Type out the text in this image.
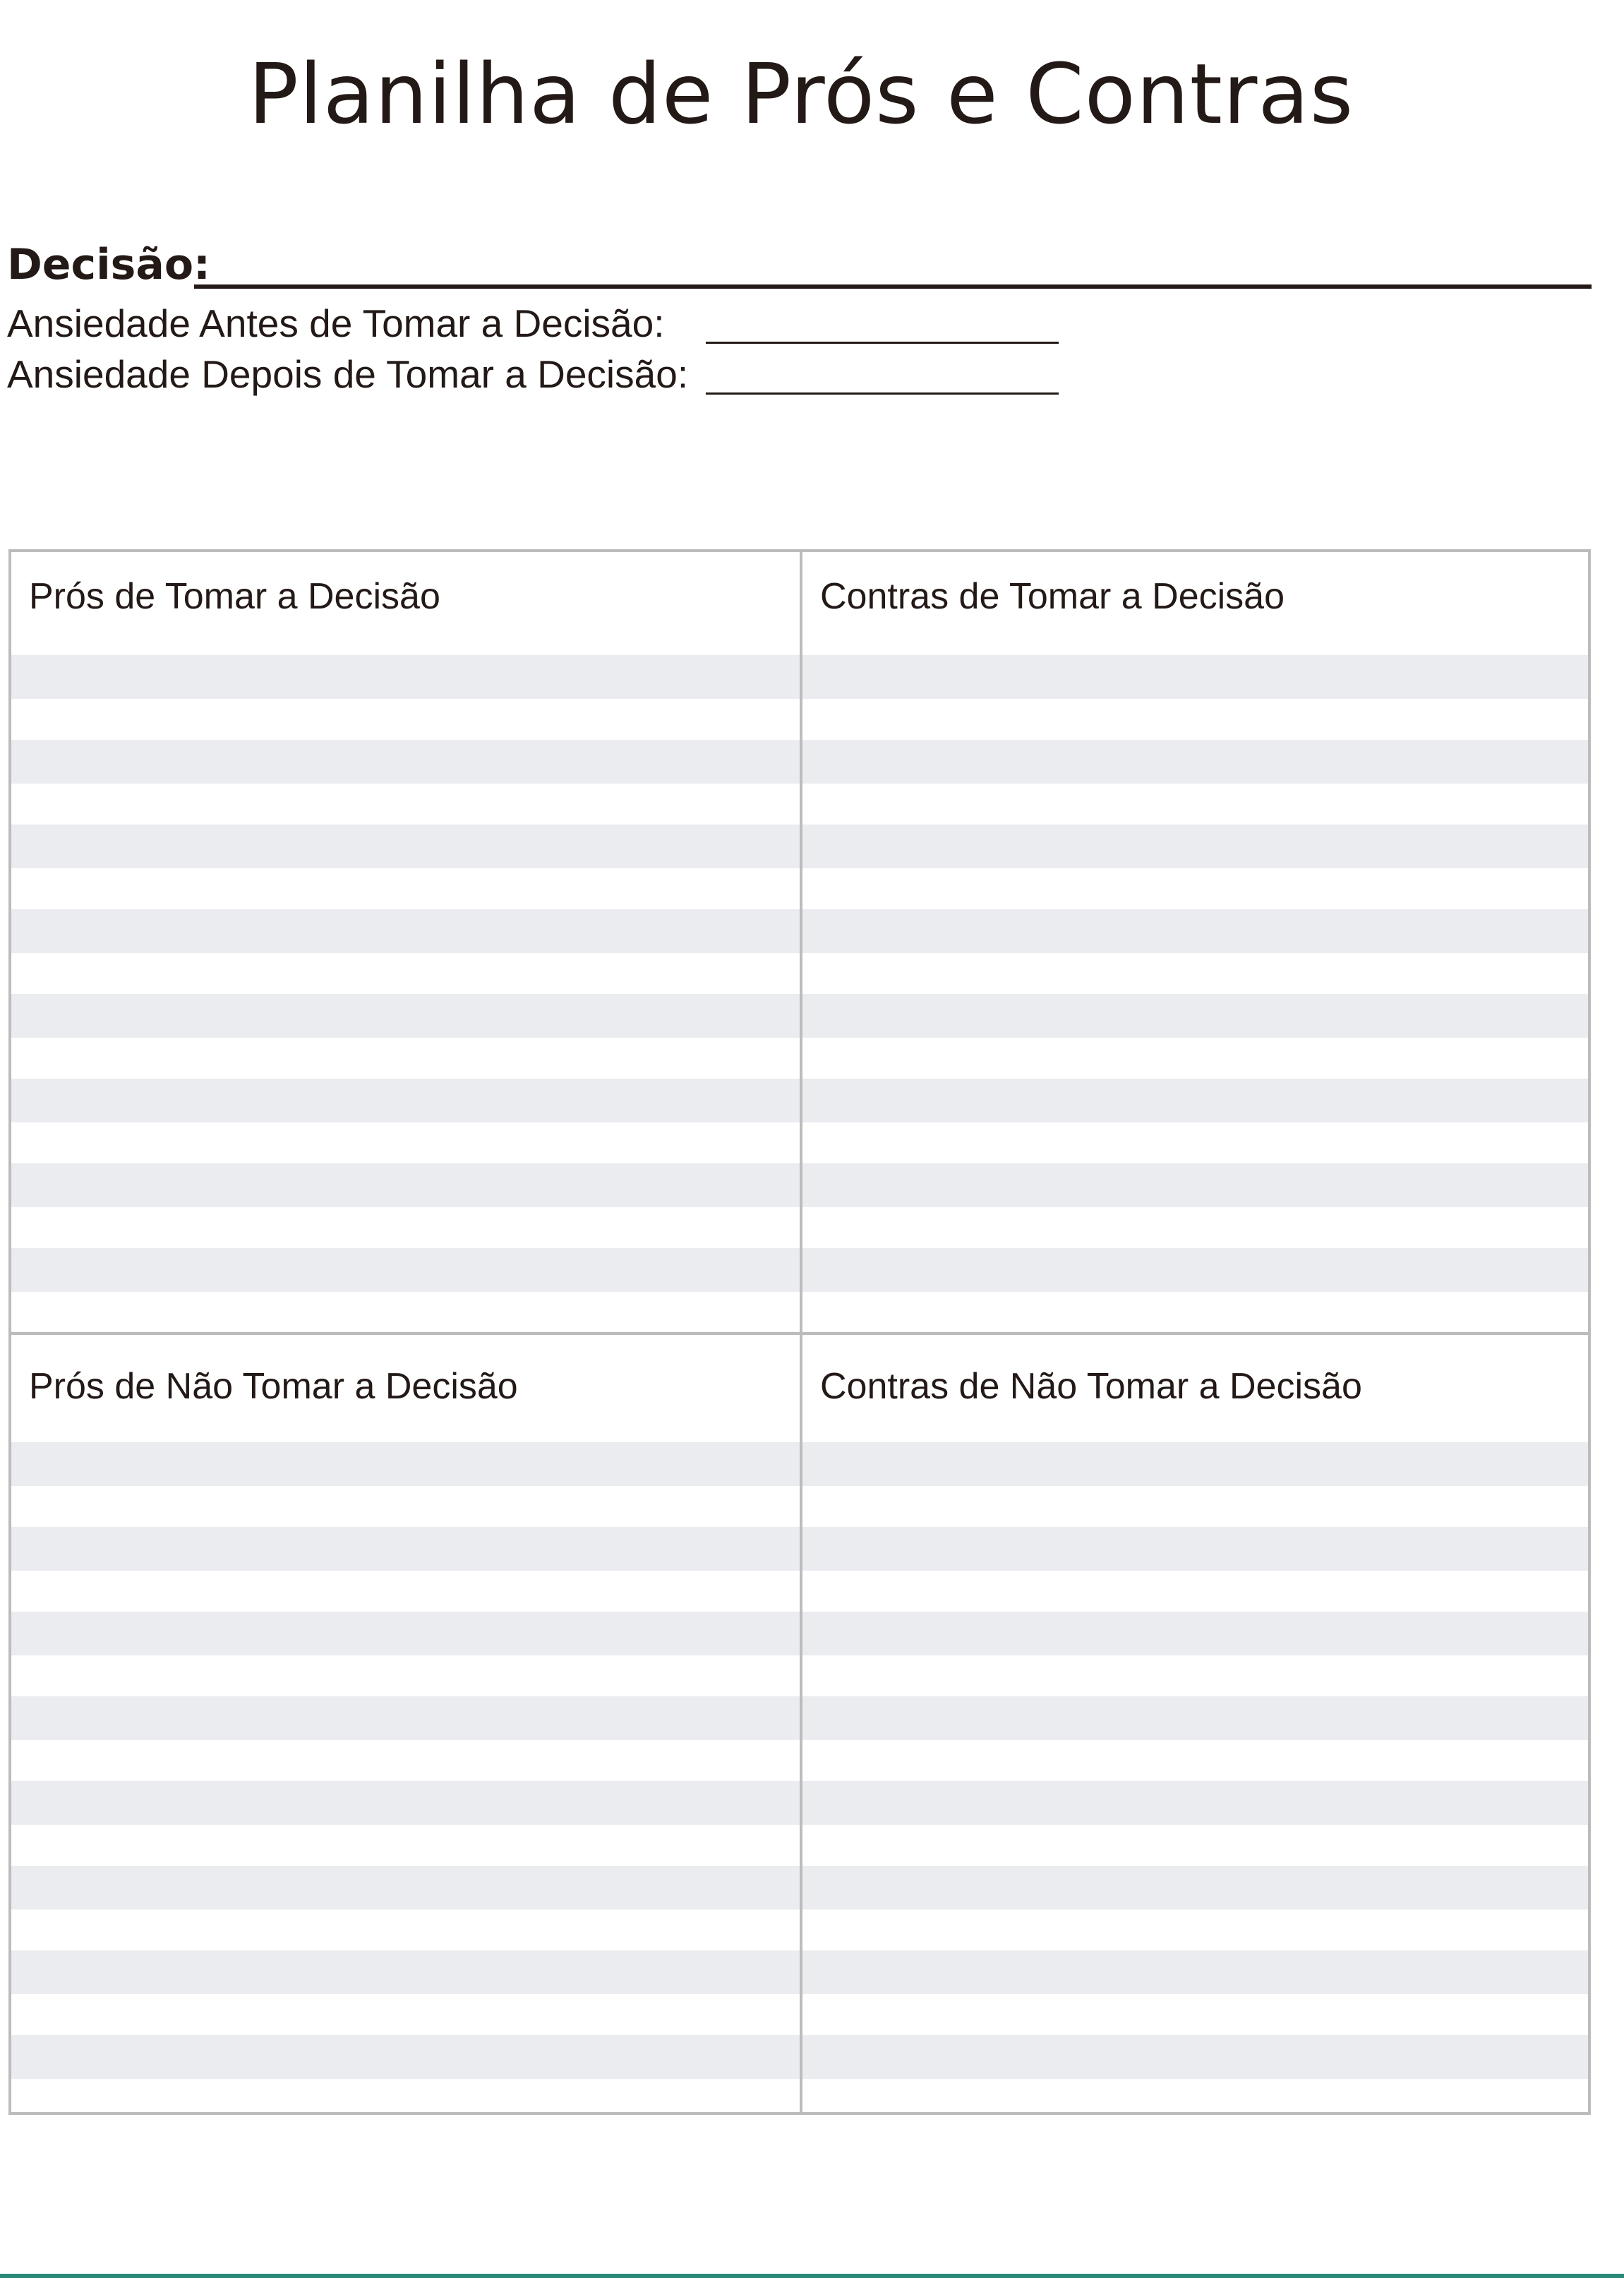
Planilha de Prós e Contras
Decisão:
Ansiedade Antes de Tomar a Decisão:
Ansiedade Depois de Tomar a Decisão:
Prós de Tomar a Decisão	Contras de Tomar a Decisão
Prós de Não Tomar a Decisão	Contras de Não Tomar a Decisão
